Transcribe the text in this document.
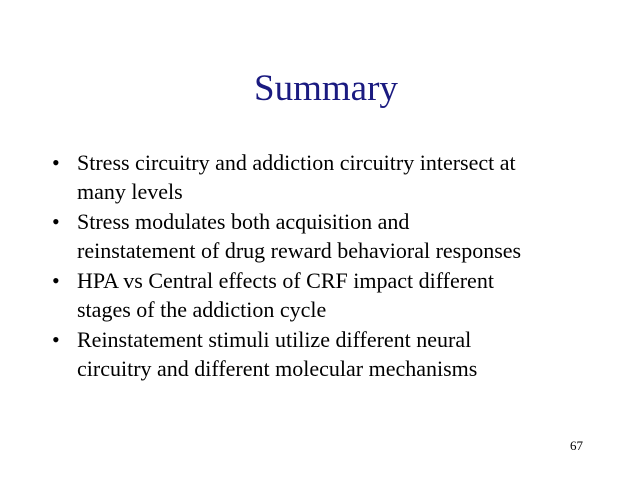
Summary
• Stress circuitry and addiction circuitry intersect at
many levels
• Stress modulates both acquisition and
reinstatement of drug reward behavioral responses
• HPA vs Central effects of CRF impact different
stages of the addiction cycle
• Reinstatement stimuli utilize different neural
circuitry and different molecular mechanisms
67
